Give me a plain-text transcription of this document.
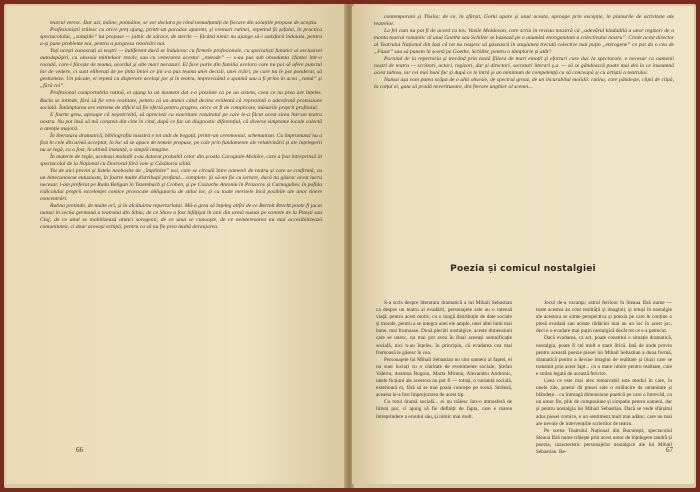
teatrul veresc. Dar azi, mâine, poimâine, se vor declara pe rând nemulțumiți de fiecare din soluțiile propuse de aceștia.

Profesioniștii trăiesc cu orice preț ajung, printr-un paradox aparent, și vremuri rutinei, repetind fă șefului, în practica spectacolului, „soluțiile” lui propuse — jalnic de sărace, de sterile — făcând nimic nu ajunge să-i satisfacă îndoiala, pentru a-și pune probleme noi, pentru a progresa rezolvări noi.

Toți acești cunoscuți ai noștri — îndiferent dacă se îndulcesc cu firmele profesionale, cu specialiști fanatici ai exclusivei autodepășiri, cu obsesia mititeluor rezolv, sau cu venerarea acestor „metode” — s-au pus sub obsedanta 1fantei într-o rocadă, care-i făcește de teama, acordul și alte mari necazuri. El face parte din familia acelora care nu pot să ofere punctul lor de vedere, ci sunt eliberați de pe ținta liniei ce țin s-a pus teama unei decizii, unei trăiri, pe care nu le pot ponderat, să gestioneze. Un păcate, ei repetă cu disperare același joc și în teatru, improvizând o spaimă sau a fi prins în acea „ramă” și „fără rol”.

Profesional comportabila rutină, ei ajung la un moment dat s-o prezinte ca pe un sistem, ceea ce nu prea are înțeles. Bucla se întinde, fără să fie vreo realitate, pentru că un atunci când devine evidentă că reprezintă o adevărată promisiune socială. Întâmplarea are estreme de dificil să fie ofertă pentru progres, orice ar fi de complicate, măsurile proprii profitului.

E foarte greu, aproape că nepotrivită, să apreciezi cu exactitate rezultatul pe care le-a făcut acest sirea într-un teatru nostru. Nu pot însă să mă conșteiz din cine în cind, după ce fac un diagnostic diferențial, că diverse simptome locale colectă o atenție majoră.

În literatura dramatică, bibliografia noastră e tot atât de bogată, printr-un ceremonial, schematism. Cu împrumutul nu a fost în cele din urmă acceptat, în loc să se apuce de temele propuse, pe cale prin fundamente ale relativizării și ale înțelegerii nu se legă, ca a fost, în ultimă instanță, o simplă imagine.

În materie de regie, aceleași maladii s-au datorat probabil celor din școala Caragiale-Molière, care a fost întreprinsă în spectacolul de la Național cu Doctorul fără voie și Căsătoria silită.

Tot de aici provin și listele neobosite de „împlinire” noi, care se circulă între oamenii de teatru și care se confirmă, cu un binecunoscut entuziasm, în foarte multe distribuții profund... complete. Și să-mi fie cu iertare, dacă nu găsesc acest lucru necesar, l-am preferat pe Radu Beligan în Tezembach și Crohen, și pe Costache Antoniu în Prozorov și Carnaguhev, în pofida ridicolului proprii excelenței comice provocate obligatoriu de stilul lor, și cu toate meritele încă posibile ale unor tinere concentrări.

Rutina pretinde, de multe ori, și în alcătuirea repertoriului. Mă-a greu să înțeleg altfel de ce Bertolt Brecht poate fi jucat numai în sectia germană a teatrului din Sibiu; de ce Shaw a fost înfățișat în anii din urmă numai pe scenele de la Pitești sau Cluj; de ce unul se mobilizează atunci sorogenii, de ce unul se cunoaște, de ce neinteresarea nu mai accesibilizează comunitatea, ci doar aceeași echipă, pentru ca să nu fie prea multă deranjarea.

66

contemporani și Thalia; de ce, în sfârșit, Gorki apare și unul acesta, aproape prin excepție, în planurile de activitate ale teatrelor.

La fel cum nu pot fi de acord cu tov. Vasile Moldovan, care scria în revista noastră că „adevărul kladadilă a unor regizori de a monta teatrul romantic al unui Goethe sau Schiller se bazează pe o anumită eterogenitate a colectivului nostru”. Crede acest director al Teatrului Național din Iași că tot nu reușesc să găsească în stagiunea trecută colective mai puțin „eterogene” ce pot da o cea de „Faust” sau să punem în scenă pe Goethe, Schiller, pentru o tâmplarie și atât?

Pornind de la repertoriu și trecând prin toată filiera de mari emoții și eforturi care duc la spectacole, e necesar ca oamenii noștri de teatru — scriitori, actori, regizori, dar și directori, secretari literari ș.a. — să se gândească poate mai des la ce înseamnă acest tablou, iar cei mai buni fac și după ce le intră și un minimum de competență ca să conceapă și cu artiștii a teatrului.

Numai așa vom putea scăpa de o altă obsesie, de spectrul groaz, de un incurabilul molidă: rutina, care pândește, clipă de clipă, la colțul ei, gata să pradă neverituoare, din fiecare unghier al scenei...

Poezia și comicul nostalgiei

S-a scris despre literatura dramatică a lui Mihail Sebastian ca despre un teatru al evadării, personajele sale au o intensă viață; pentru acest motiv, cu o lungă distribuție de date sociale și morale, pentru a se integra unei ele ample, unei altei lumi mai bune, mai frumoase. Două plecări nostalgice, aceste dimensiuni care se unesc, nu mai pot avea în final aceeași semnificație socială, nici n-au înțeles, în principiu, că evadarea cea mai frumoasă le găsesc în cea.

Personajele lui Mihail Sebastian nu sint oameni ai faptei, ei nu sunt lucrați cu o claritate de evenimente sociale; Ștefan Valeriu, doamna Bogoiu, Marta Miruna, Alexandru Andronic, unele ficțiuni ale acestora nu pot fi — totuși, o variantă socială, exterioară ei, fără să se mai poată concepe pe scenă. Strânsă, aceasta le-a fost împrejurarea de acest tip.

Cu totul dramă socială... ei nu trăiesc într-o atmosferă de lirism pur, ci ajung să fie definiți de fapta, care e marea întreprindere a eroului său, și nimic mai mult.

Jocul de-a vacanța; astrul feriloor în Steaua fără nume — toate acestea au cont realității și imaginii, și totuși în nostalgie ale acestora se simte perspectiva și poezia pe care le conține o piesă evadată sau aceste rădăcini mai au un loc în acest joc, deci e o evadare mai puțin nostalgică decât tot ce s-a petrecut.

Dacă evadarea, ca act, poate constitui o situație dramatică, nostalgia, poate fi cel mult o stare lirică. Iată de unde provin pentru această poezie piesei lui Mihail Sebastian a doua formă, dramatică pentru a devine imagini de realitate și iluzii care se transmit prin acest fapt... cu o mare iubire pentru realitate, care e strâns legată de această fericire.

Ceea ce este mai ales remarcabil este modul în care, în unele zile, poetul dă piesei sale o strălucire de umanitate și blândețe... cu întreagă dimensiune poetică pe care o întrevăd, cu un umor fin, plin de compasiune și simpatie pentru oameni, dar și pentru nostalgia lui Mihail Sebastian. Dacă se vede sfârșitul adus piesei comice, e un sentiment mult mai adânc, care nu mai are nevoie de intervențiile scrierilor de teatru.

Pe scena Teatrului Național din București, spectacolul Steaua fără nume trăiește prin acest umor de înțelegere tandră și poezie, caracteristic personajelor nostalgice ale lui Mihail Sebastian. Re-	67
